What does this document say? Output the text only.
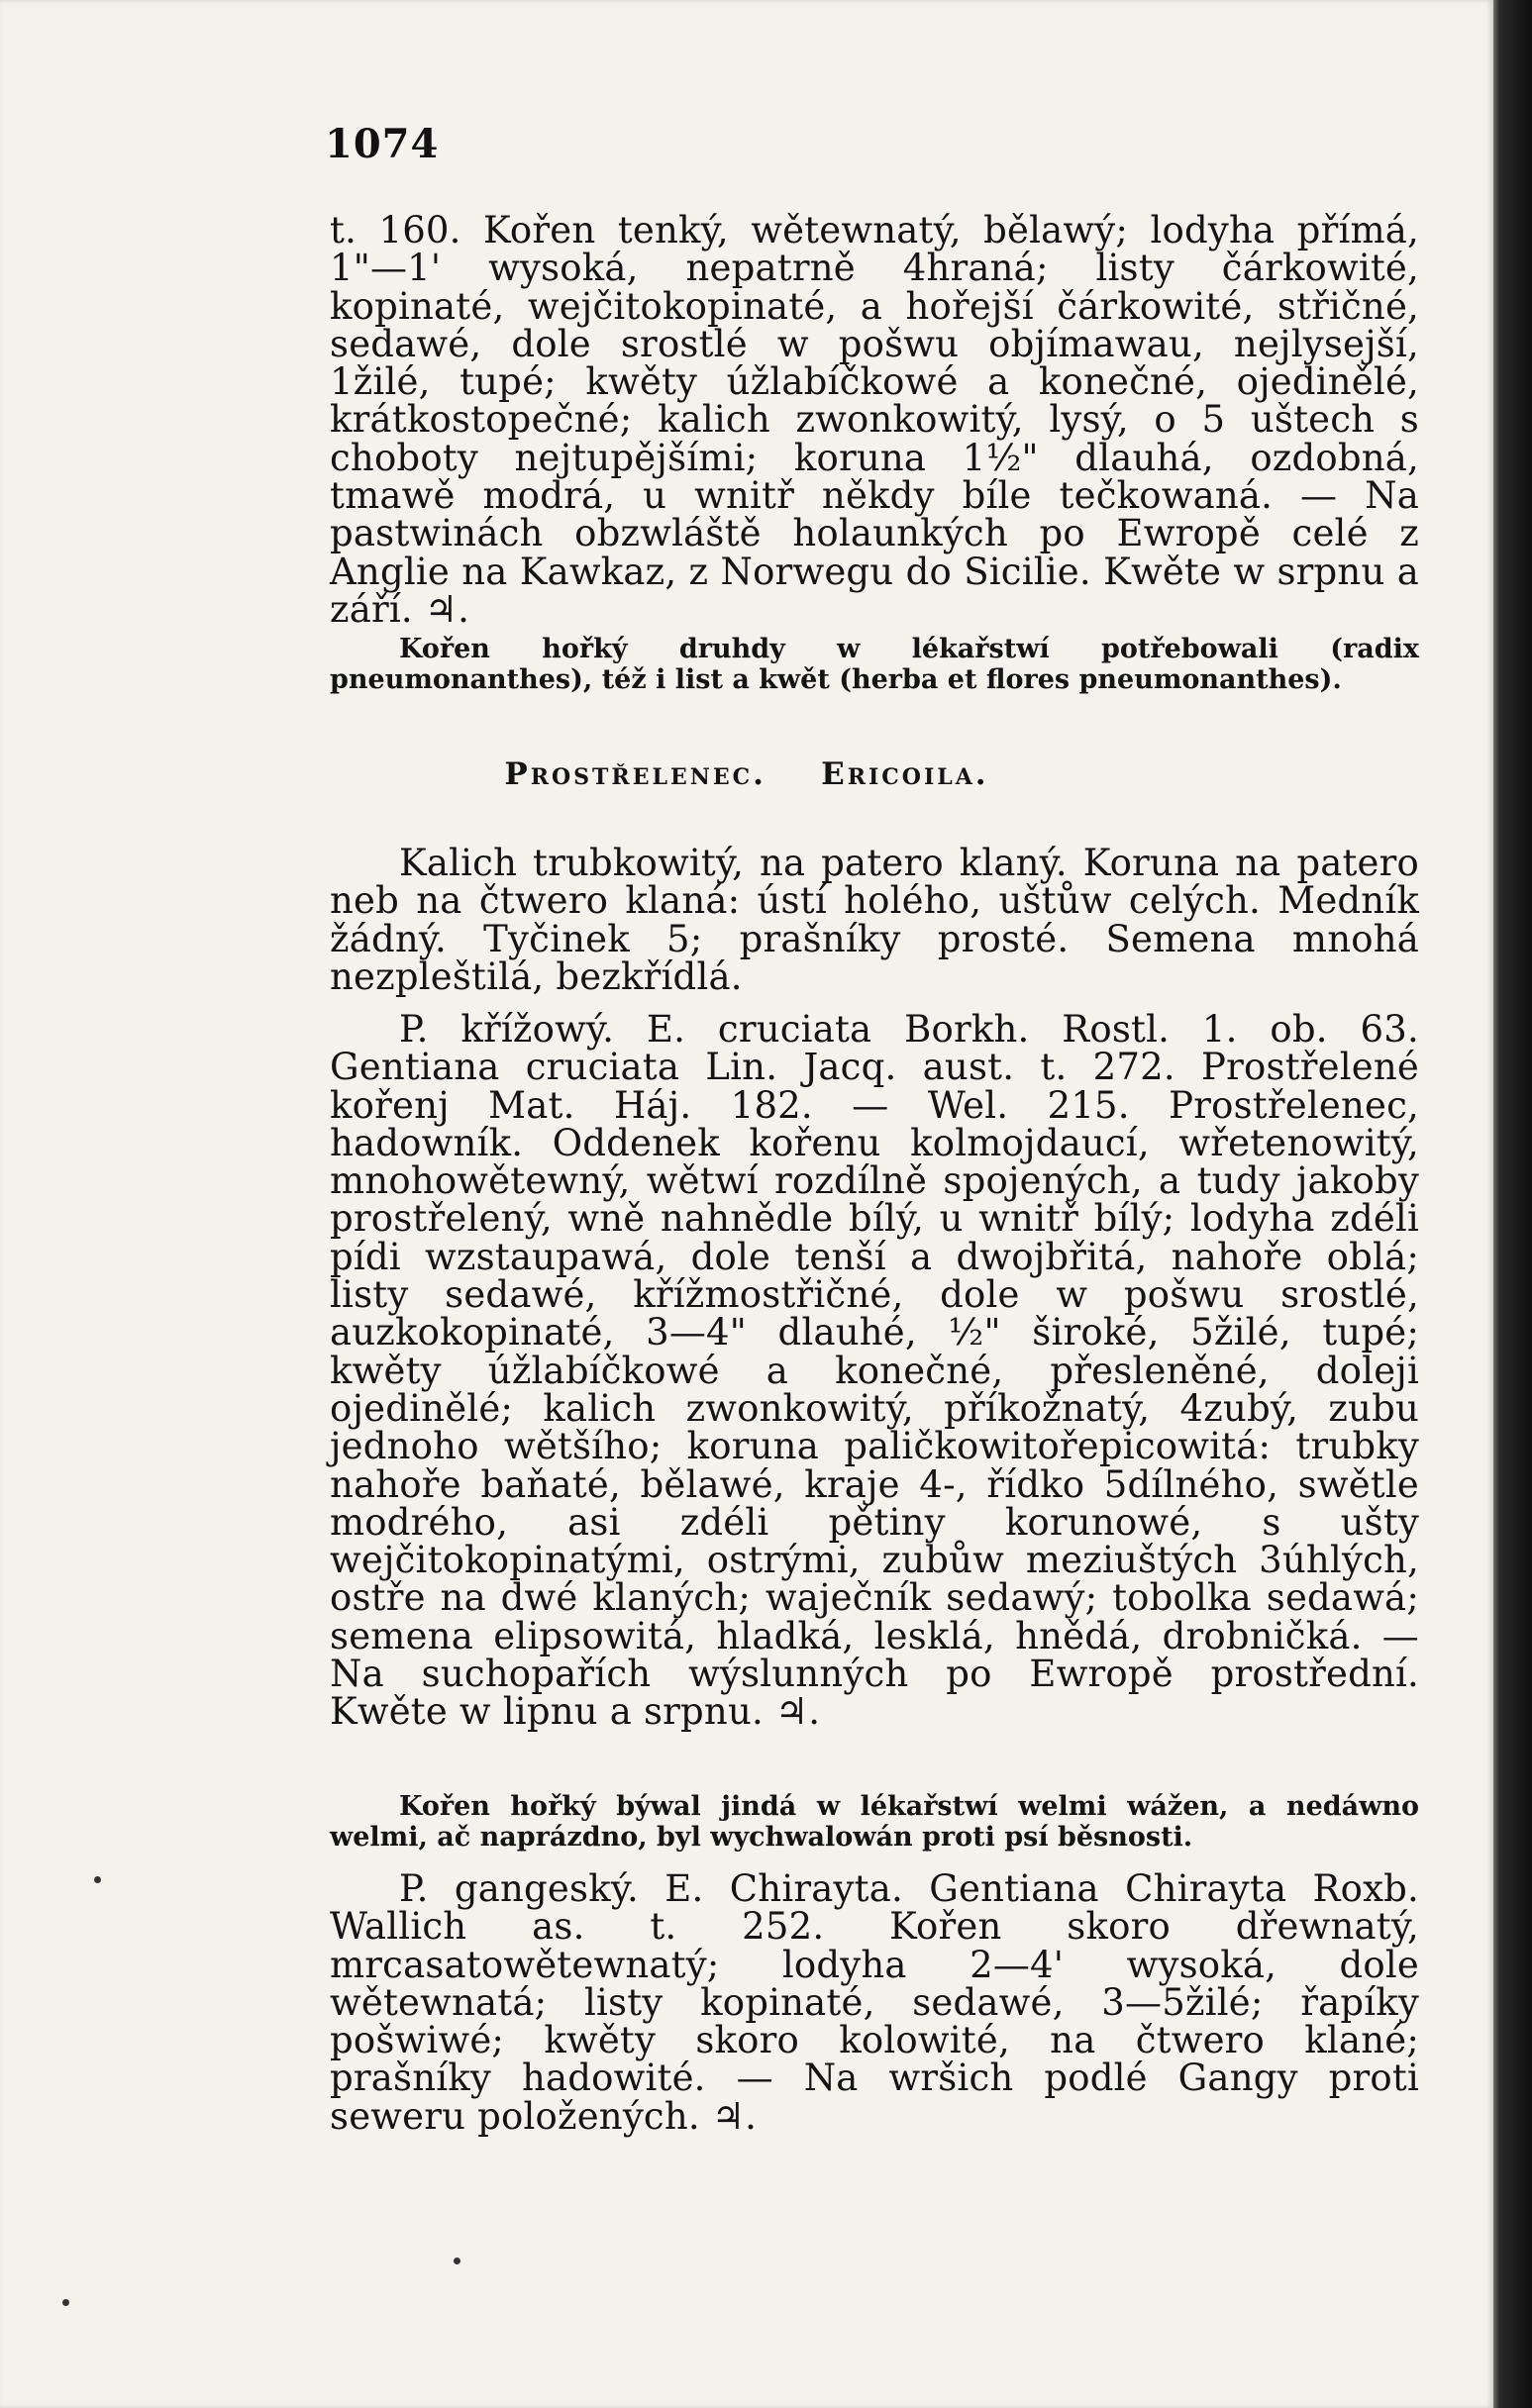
1074

t. 160. Kořen tenký, wětewnatý, bělawý; lodyha přímá, 1"—1' wysoká, nepatrně 4hraná; listy čárkowité, kopinaté, wejčitokopinaté, a hořejší čárkowité, střičné, sedawé, dole srostlé w pošwu objímawau, nejlysejší, 1žilé, tupé; kwěty úžlabíčkowé a konečné, ojedinělé, krátkostopečné; kalich zwonkowitý, lysý, o 5 uštech s choboty nejtupějšími; koruna 1½" dlauhá, ozdobná, tmawě modrá, u wnitř někdy bíle tečkowaná. — Na pastwinách obzwláště holaunkých po Ewropě celé z Anglie na Kawkaz, z Norwegu do Sicilie. Kwěte w srpnu a září. ♃.

Kořen hořký druhdy w lékařstwí potřebowali (radix pneumonanthes), též i list a kwět (herba et flores pneumonanthes).

Prostřelenec. Ericoila.

Kalich trubkowitý, na patero klaný. Koruna na patero neb na čtwero klaná: ústí holého, uštůw celých. Medník žádný. Tyčinek 5; prašníky prosté. Semena mnohá nezpleštilá, bezkřídlá.

P. křížowý. E. cruciata Borkh. Rostl. 1. ob. 63. Gentiana cruciata Lin. Jacq. aust. t. 272. Prostřelené kořenj Mat. Háj. 182. — Wel. 215. Prostřelenec, hadowník. Oddenek kořenu kolmojdaucí, wřetenowitý, mnohowětewný, wětwí rozdílně spojených, a tudy jakoby prostřelený, wně nahnědle bílý, u wnitř bílý; lodyha zdéli pídi wzstaupawá, dole tenší a dwojbřitá, nahoře oblá; listy sedawé, křížmostřičné, dole w pošwu srostlé, auzkokopinaté, 3—4" dlauhé, ½" široké, 5žilé, tupé; kwěty úžlabíčkowé a konečné, přesleněné, doleji ojedinělé; kalich zwonkowitý, příkožnatý, 4zubý, zubu jednoho wětšího; koruna paličkowitořepicowitá: trubky nahoře baňaté, bělawé, kraje 4-, řídko 5dílného, swětle modrého, asi zdéli pětiny korunowé, s ušty wejčitokopinatými, ostrými, zubůw meziuštých 3úhlých, ostře na dwé klaných; waječník sedawý; tobolka sedawá; semena elipsowitá, hladká, lesklá, hnědá, drobničká. — Na suchopařích wýslunných po Ewropě prostřední. Kwěte w lipnu a srpnu. ♃.

Kořen hořký býwal jindá w lékařstwí welmi wážen, a nedáwno welmi, ač naprázdno, byl wychwalowán proti psí běsnosti.

P. gangeský. E. Chirayta. Gentiana Chirayta Roxb. Wallich as. t. 252. Kořen skoro dřewnatý, mrcasatowětewnatý; lodyha 2—4' wysoká, dole wětewnatá; listy kopinaté, sedawé, 3—5žilé; řapíky pošwiwé; kwěty skoro kolowité, na čtwero klané; prašníky hadowité. — Na wršich podlé Gangy proti seweru položených. ♃.
